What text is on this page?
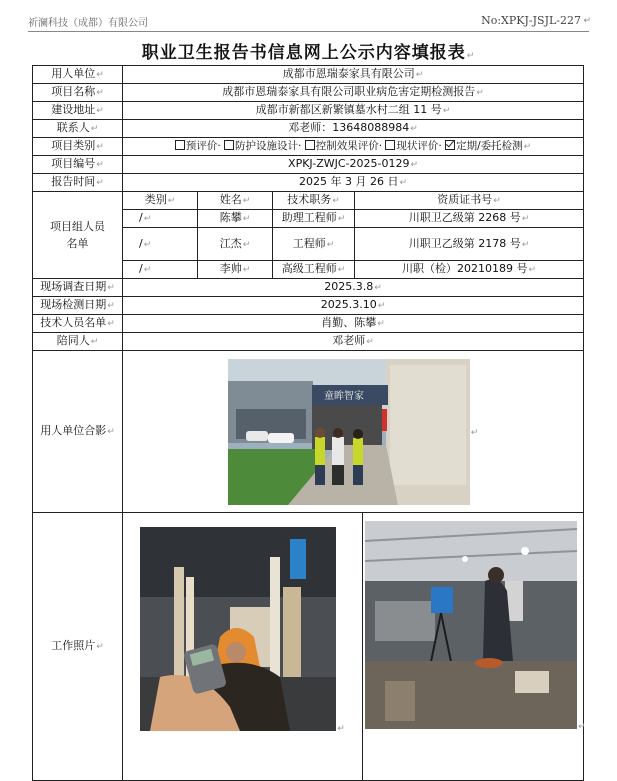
祈澜科技（成都）有限公司	No:XPKJ-JSJL-227 ↵
职业卫生报告书信息网上公示内容填报表↵
用人单位↵	成都市恩瑞泰家具有限公司↵				
项目名称↵	成都市恩瑞泰家具有限公司职业病危害定期检测报告↵				
建设地址↵	成都市新都区新繁镇墓水村二组 11 号↵				
联系人↵	邓老师：13648088984↵				
项目类别↵	预评价· 防护设施设计· 控制效果评价· 现状评价· 定期/委托检测↵				
项目编号↵	XPKJ-ZWJC-2025-0129↵				
报告时间↵	2025 年 3 月 26 日↵				
项目组人员名单	类别↵	姓名↵	技术职务↵	资质证书号↵	
	/↵	陈攀↵	助理工程师↵	川职卫乙级第 2268 号↵	
	/↵	江杰↵	工程师↵	川职卫乙级第 2178 号↵	
	/↵	李帅↵	高级工程师↵	川职（检）20210189 号↵	
现场调查日期↵	2025.3.8↵				
现场检测日期↵	2025.3.10↵				
技术人员名单↵	肖勤、陈攀↵				
陪同人↵	邓老师↵				
用人单位合影↵	童眸智家
↵				
工作照片↵	↵				↵
